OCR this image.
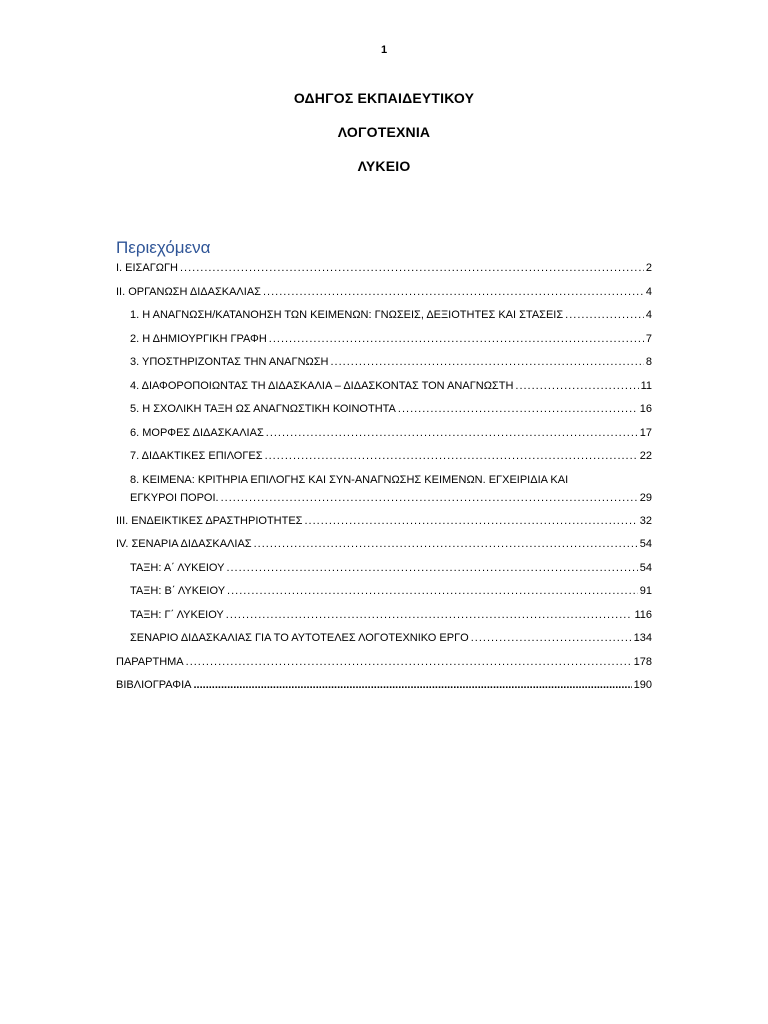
1
ΟΔΗΓΟΣ ΕΚΠΑΙΔΕΥΤΙΚΟΥ
ΛΟΓΟΤΕΧΝΙΑ
ΛΥΚΕΙΟ
Περιεχόμενα
I. ΕΙΣΑΓΩΓΗ .....	2
II. ΟΡΓΑΝΩΣΗ ΔΙΔΑΣΚΑΛΙΑΣ .....	4
1. Η ΑΝΑΓΝΩΣΗ/ΚΑΤΑΝΟΗΣΗ ΤΩΝ ΚΕΙΜΕΝΩΝ: ΓΝΩΣΕΙΣ, ΔΕΞΙΟΤΗΤΕΣ ΚΑΙ ΣΤΑΣΕΙΣ .....	4
2. Η ΔΗΜΙΟΥΡΓΙΚΗ ΓΡΑΦΗ .....	7
3. ΥΠΟΣΤΗΡΙΖΟΝΤΑΣ ΤΗΝ ΑΝΑΓΝΩΣΗ .....	8
4. ΔΙΑΦΟΡΟΠΟΙΩΝΤΑΣ ΤΗ ΔΙΔΑΣΚΑΛΙΑ – ΔΙΔΑΣΚΟΝΤΑΣ ΤΟΝ ΑΝΑΓΝΩΣΤΗ .....	11
5. Η ΣΧΟΛΙΚΗ ΤΑΞΗ ΩΣ ΑΝΑΓΝΩΣΤΙΚΗ ΚΟΙΝΟΤΗΤΑ .....	16
6. ΜΟΡΦΕΣ ΔΙΔΑΣΚΑΛΙΑΣ .....	17
7. ΔΙΔΑΚΤΙΚΕΣ ΕΠΙΛΟΓΕΣ .....	22
8. ΚΕΙΜΕΝΑ: ΚΡΙΤΗΡΙΑ ΕΠΙΛΟΓΗΣ ΚΑΙ ΣΥΝ-ΑΝΑΓΝΩΣΗΣ ΚΕΙΜΕΝΩΝ. ΕΓΧΕΙΡΙΔΙΑ ΚΑΙ
ΕΓΚΥΡΟΙ ΠΟΡΟΙ. .....	29
III. ΕΝΔΕΙΚΤΙΚΕΣ ΔΡΑΣΤΗΡΙΟΤΗΤΕΣ .....	32
IV. ΣΕΝΑΡΙΑ ΔΙΔΑΣΚΑΛΙΑΣ .....	54
ΤΑΞΗ: Α΄ ΛΥΚΕΙΟΥ .....	54
ΤΑΞΗ: Β΄ ΛΥΚΕΙΟΥ .....	91
ΤΑΞΗ: Γ΄ ΛΥΚΕΙΟΥ .....	116
ΣΕΝΑΡΙΟ ΔΙΔΑΣΚΑΛΙΑΣ ΓΙΑ ΤΟ ΑΥΤΟΤΕΛΕΣ ΛΟΓΟΤΕΧΝΙΚΟ ΕΡΓΟ .....	134
ΠΑΡΑΡΤΗΜΑ .....	178
ΒΙΒΛΙΟΓΡΑΦΙΑ .....	190
